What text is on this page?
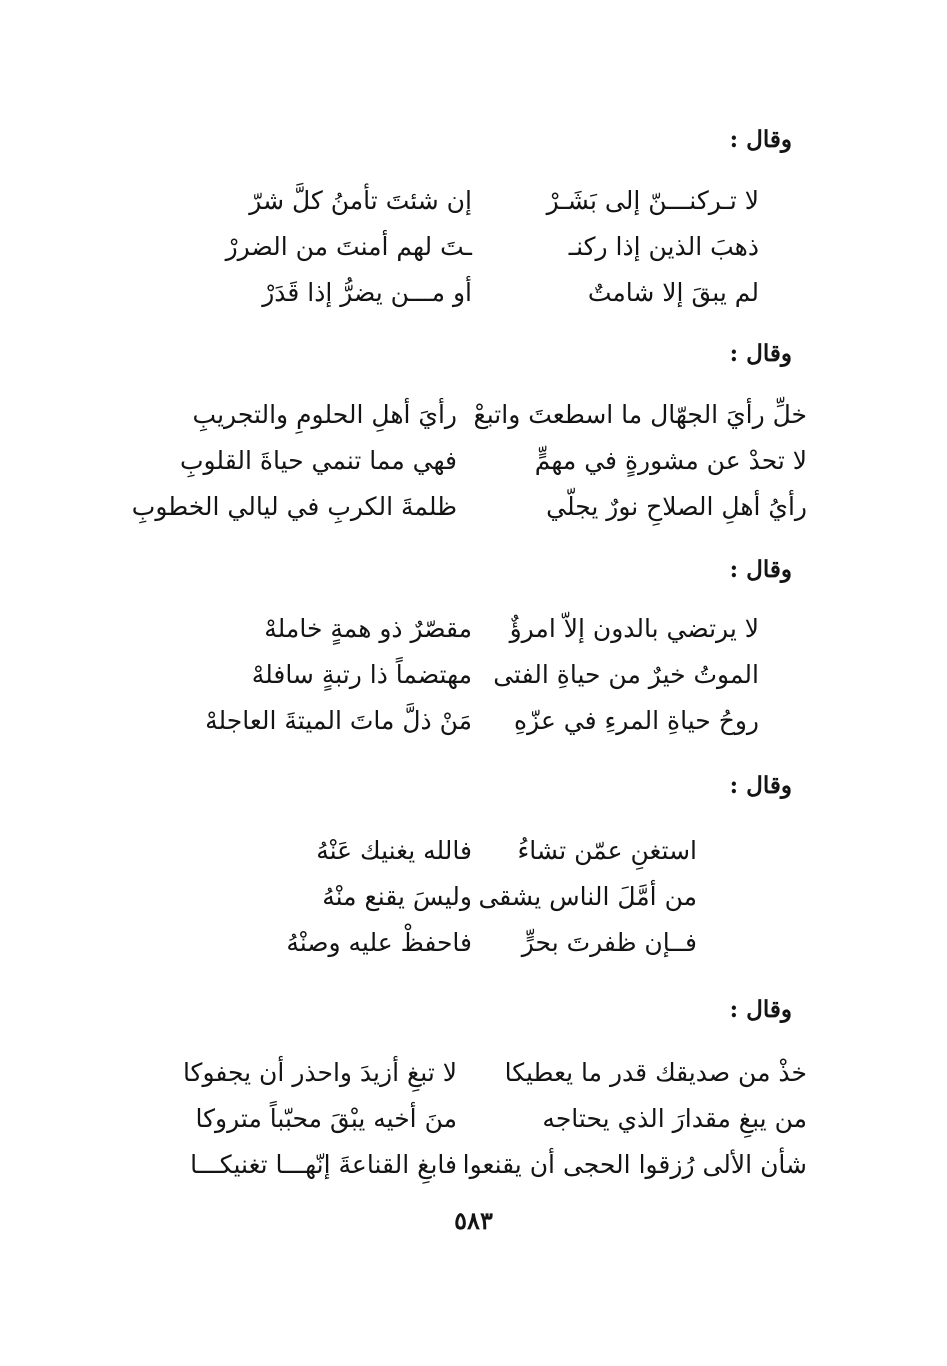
وقال :
لا تـركنـــنّ إلى بَشَـرْ
إن شئتَ تأمنُ كلَّ شرّ
ذهبَ الذين إذا ركنـ
ـتَ لهم أمنتَ من الضررْ
لم يبقَ إلا شامتٌ
أو مـــن يضرُّ إذا قَدَرْ
وقال :
خلِّ رأيَ الجهّال ما اسطعتَ واتبعْ
رأيَ أهلِ الحلومِ والتجريبِ
لا تحدْ عن مشورةٍ في مهمٍّ
فهي مما تنمي حياةَ القلوبِ
رأيُ أهلِ الصلاحِ نورٌ يجلّي
ظلمةَ الكربِ في ليالي الخطوبِ
وقال :
لا يرتضي بالدون إلاّ امرؤٌ
مقصّرٌ ذو همةٍ خاملهْ
الموتُ خيرٌ من حياةِ الفتى
مهتضماً ذا رتبةٍ سافلهْ
روحُ حياةِ المرءِ في عزّهِ
مَنْ ذلَّ ماتَ الميتةَ العاجلهْ
وقال :
استغنِ عمّن تشاءُ
فالله يغنيك عَنْهُ
من أمَّلَ الناس يشقى
وليسَ يقنع منْهُ
فــإن ظفرتَ بحرٍّ
فاحفظْ عليه وصنْهُ
وقال :
خذْ من صديقك قدر ما يعطيكا
لا تبغِ أزيدَ واحذر أن يجفوكا
من يبغِ مقدارَ الذي يحتاجه
منَ أخيه يبْقَ محبّباً متروكا
شأن الألى رُزقوا الحجى أن يقنعوا
فابغِ القناعةَ إنّهـــا تغنيكـــا
٥٨٣
